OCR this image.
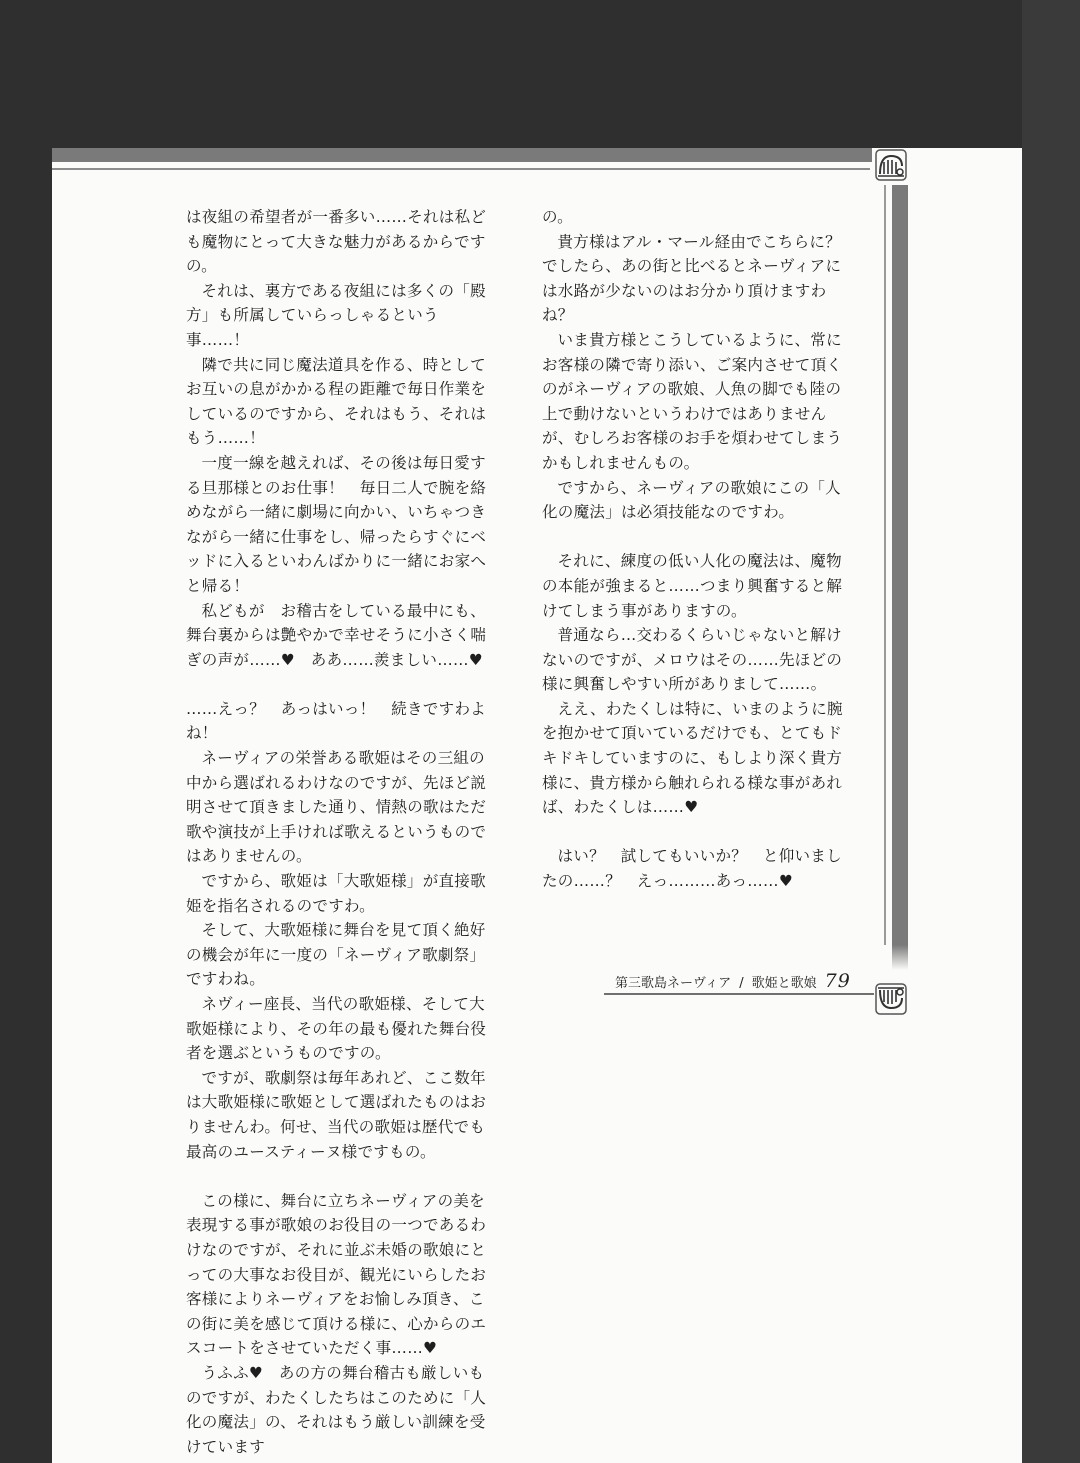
は夜組の希望者が一番多い……それは私ども魔物にとって大きな魅力があるからですの。

それは、裏方である夜組には多くの「殿方」も所属していらっしゃるという事……！

隣で共に同じ魔法道具を作る、時としてお互いの息がかかる程の距離で毎日作業をしているのですから、それはもう、それはもう……！

一度一線を越えれば、その後は毎日愛する旦那様とのお仕事！　毎日二人で腕を絡めながら一緒に劇場に向かい、いちゃつきながら一緒に仕事をし、帰ったらすぐにベッドに入るといわんばかりに一緒にお家へと帰る！

私どもが　お稽古をしている最中にも、舞台裏からは艶やかで幸せそうに小さく喘ぎの声が……♥　ああ……羨ましい……♥

……えっ？　あっはいっ！　続きですわよね！

ネーヴィアの栄誉ある歌姫はその三組の中から選ばれるわけなのですが、先ほど説明させて頂きました通り、情熱の歌はただ歌や演技が上手ければ歌えるというものではありませんの。

ですから、歌姫は「大歌姫様」が直接歌姫を指名されるのですわ。

そして、大歌姫様に舞台を見て頂く絶好の機会が年に一度の「ネーヴィア歌劇祭」ですわね。

ネヴィー座長、当代の歌姫様、そして大歌姫様により、その年の最も優れた舞台役者を選ぶというものですの。

ですが、歌劇祭は毎年あれど、ここ数年は大歌姫様に歌姫として選ばれたものはおりませんわ。何せ、当代の歌姫は歴代でも最高のユースティーヌ様ですもの。

この様に、舞台に立ちネーヴィアの美を表現する事が歌娘のお役目の一つであるわけなのですが、それに並ぶ未婚の歌娘にとっての大事なお役目が、観光にいらしたお客様によりネーヴィアをお愉しみ頂き、この街に美を感じて頂ける様に、心からのエスコートをさせていただく事……♥

うふふ♥　あの方の舞台稽古も厳しいものですが、わたくしたちはこのために「人化の魔法」の、それはもう厳しい訓練を受けています

の。

貴方様はアル・マール経由でこちらに？でしたら、あの街と比べるとネーヴィアには水路が少ないのはお分かり頂けますわね？

いま貴方様とこうしているように、常にお客様の隣で寄り添い、ご案内させて頂くのがネーヴィアの歌娘、人魚の脚でも陸の上で動けないというわけではありませんが、むしろお客様のお手を煩わせてしまうかもしれませんもの。

ですから、ネーヴィアの歌娘にこの「人化の魔法」は必須技能なのですわ。

それに、練度の低い人化の魔法は、魔物の本能が強まると……つまり興奮すると解けてしまう事がありますの。

普通なら…交わるくらいじゃないと解けないのですが、メロウはその……先ほどの様に興奮しやすい所がありまして……。

ええ、わたくしは特に、いまのように腕を抱かせて頂いているだけでも、とてもドキドキしていますのに、もしより深く貴方様に、貴方様から触れられる様な事があれば、わたくしは……♥

はい？　試してもいいか？　と仰いましたの……？　えっ………あっ……♥

第三歌島ネーヴィア / 歌姫と歌娘 79
